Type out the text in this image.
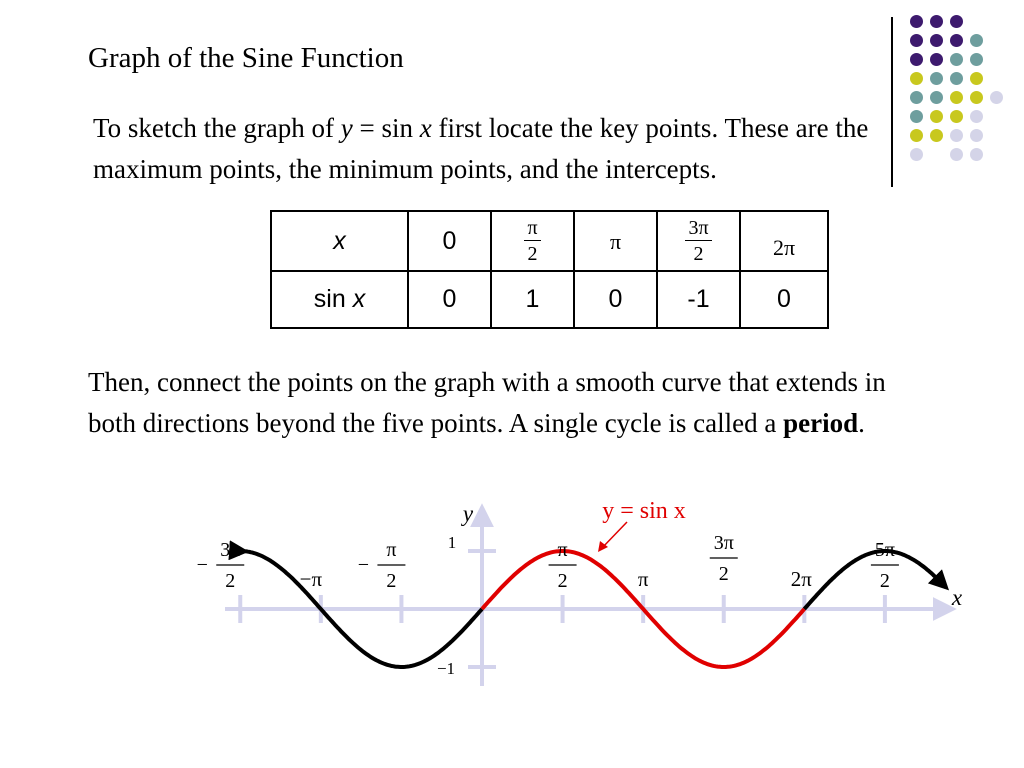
Graph of the Sine Function
To sketch the graph of y = sin x first locate the key points. These are the maximum points, the minimum points, and the intercepts.
x	0	$\frac{\pi}{2}$	π	$\frac{3\pi}{2}$	2π
sin x	0	1	0	-1	0
Then, connect the points on the graph with a smooth curve that extends in both directions beyond the five points. A single cycle is called a period.
3π
2
−
−π
π
2
−
π
2	π
3π
2	2π
5π
2
1
−1
y
x
y = sin x
